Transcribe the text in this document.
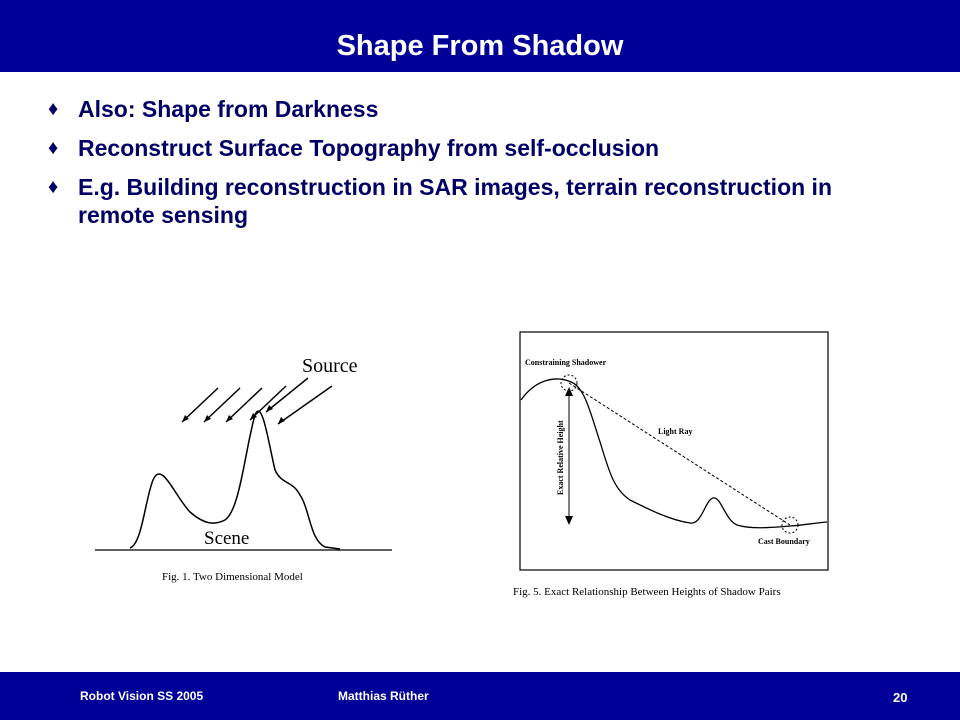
Shape From Shadow
♦ Also: Shape from Darkness
♦ Reconstruct Surface Topography from self-occlusion
♦ E.g. Building reconstruction in SAR images, terrain reconstruction in remote sensing
Source
Scene
Fig. 1. Two Dimensional Model
Constraining Shadower
Light Ray
Exact Relative Height
Cast Boundary
Fig. 5. Exact Relationship Between Heights of Shadow Pairs
Robot Vision SS 2005	Matthias Rüther	20
